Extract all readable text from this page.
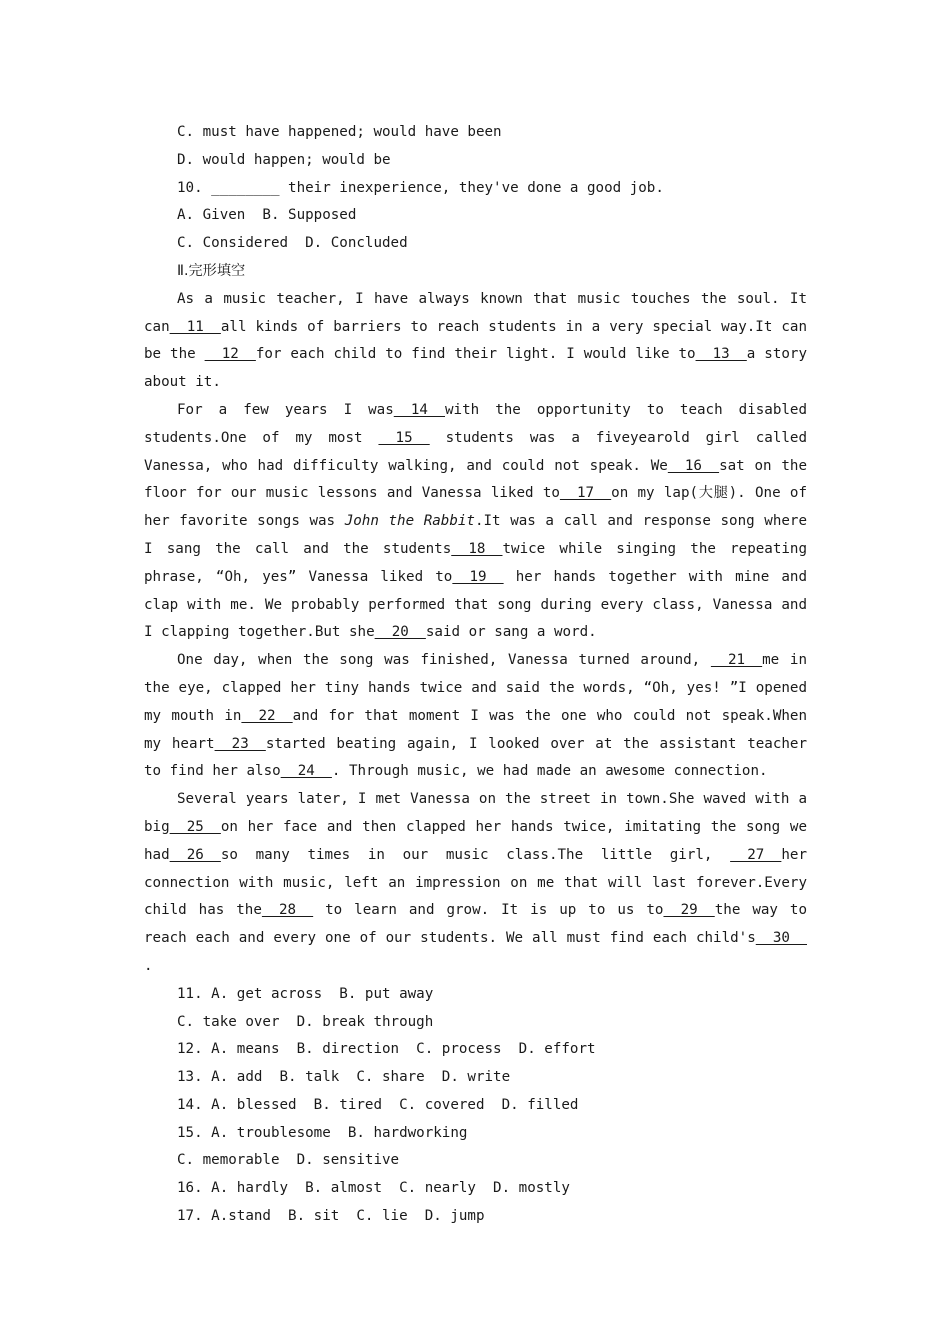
C. must have happened; would have been
D. would happen; would be
10. ________ their inexperience, they've done a good job.
A. Given  B. Supposed
C. Considered  D. Concluded
Ⅱ.完形填空

As a music teacher, I have always known that music touches the soul. It can  11  all kinds of barriers to reach students in a very special way.It can be the   12  for each child to find their light. I would like to  13  a story about it.

For a few years I was  14  with the opportunity to teach disabled students.One of my most   15   students was a fiveyearold girl called Vanessa, who had difficulty walking, and could not speak. We  16  sat on the floor for our music lessons and Vanessa liked to  17  on my lap(大腿). One of her favorite songs was John the Rabbit.It was a call and response song where I sang the call and the students  18  twice while singing the repeating phrase, “Oh, yes” Vanessa liked to  19   her hands together with mine and clap with me. We probably performed that song during every class, Vanessa and I clapping together.But she  20  said or sang a word.

One day, when the song was finished, Vanessa turned around,   21  me in the eye, clapped her tiny hands twice and said the words, “Oh, yes! ”I opened my mouth in  22  and for that moment I was the one who could not speak.When my heart  23  started beating again, I looked over at the assistant teacher to find her also  24  . Through music, we had made an awesome connection.

Several years later, I met Vanessa on the street in town.She waved with a big  25  on her face and then clapped her hands twice, imitating the song we had  26  so many times in our music class.The little girl,   27  her connection with music, left an impression on me that will last forever.Every child has the  28   to learn and grow. It is up to us to  29  the way to reach each and every one of our students. We all must find each child's  30  .

11. A. get across  B. put away
C. take over  D. break through
12. A. means  B. direction  C. process  D. effort
13. A. add  B. talk  C. share  D. write
14. A. blessed  B. tired  C. covered  D. filled
15. A. troublesome  B. hardworking
C. memorable  D. sensitive
16. A. hardly  B. almost  C. nearly  D. mostly
17. A.stand  B. sit  C. lie  D. jump
